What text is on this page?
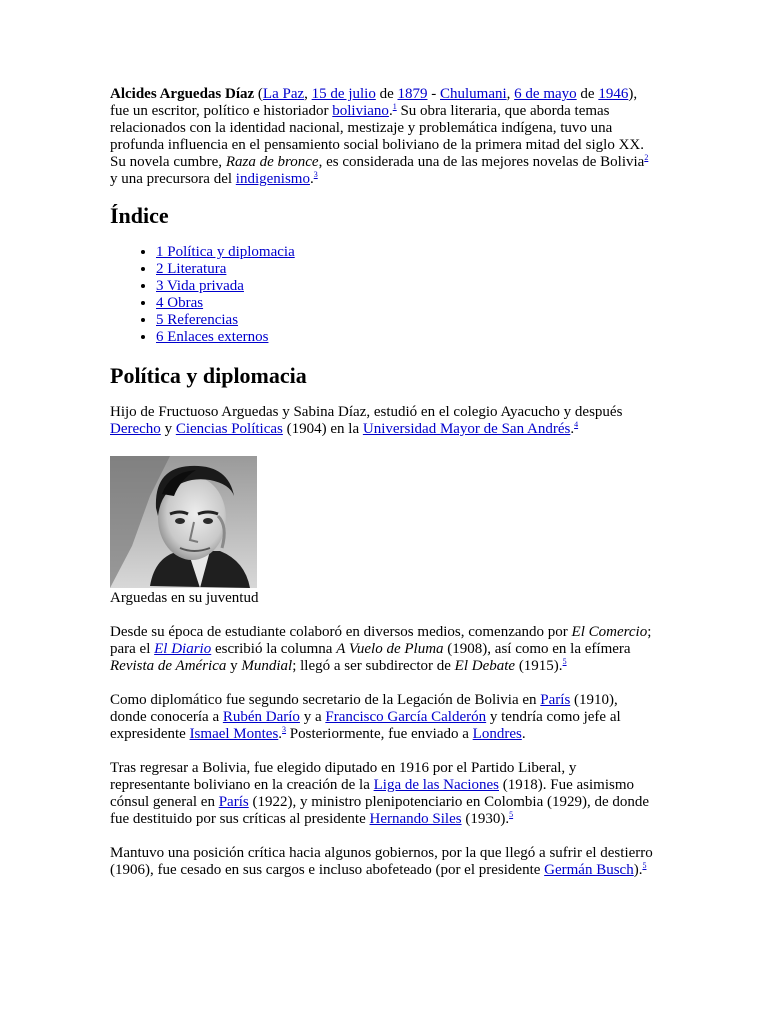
Alcides Arguedas Díaz (La Paz, 15 de julio de 1879 - Chulumani, 6 de mayo de 1946), fue un escritor, político e historiador boliviano.$^1$ Su obra literaria, que aborda temas relacionados con la identidad nacional, mestizaje y problemática indígena, tuvo una profunda influencia en el pensamiento social boliviano de la primera mitad del siglo XX. Su novela cumbre, Raza de bronce, es considerada una de las mejores novelas de Bolivia$^2$ y una precursora del indigenismo.$^3$

Índice
• 1 Política y diplomacia
• 2 Literatura
• 3 Vida privada
• 4 Obras
• 5 Referencias
• 6 Enlaces externos
Política y diplomacia

Hijo de Fructuoso Arguedas y Sabina Díaz, estudió en el colegio Ayacucho y después Derecho y Ciencias Políticas (1904) en la Universidad Mayor de San Andrés.$^4$

Arguedas en su juventud

Desde su época de estudiante colaboró en diversos medios, comenzando por El Comercio; para el El Diario escribió la columna A Vuelo de Pluma (1908), así como en la efímera Revista de América y Mundial; llegó a ser subdirector de El Debate (1915).$^5$

Como diplomático fue segundo secretario de la Legación de Bolivia en París (1910), donde conocería a Rubén Darío y a Francisco García Calderón y tendría como jefe al expresidente Ismael Montes.$^3$ Posteriormente, fue enviado a Londres.

Tras regresar a Bolivia, fue elegido diputado en 1916 por el Partido Liberal, y representante boliviano en la creación de la Liga de las Naciones (1918). Fue asimismo cónsul general en París (1922), y ministro plenipotenciario en Colombia (1929), de donde fue destituido por sus críticas al presidente Hernando Siles (1930).$^5$

Mantuvo una posición crítica hacia algunos gobiernos, por la que llegó a sufrir el destierro (1906), fue cesado en sus cargos e incluso abofeteado (por el presidente Germán Busch).$^5$
